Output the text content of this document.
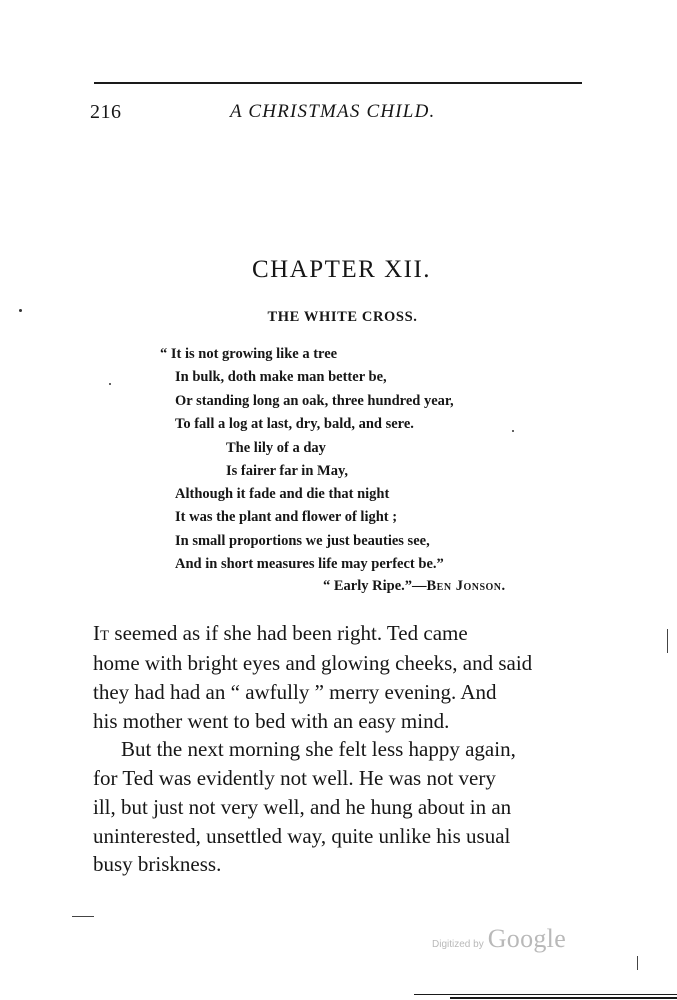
216	A CHRISTMAS CHILD.
CHAPTER XII.
THE WHITE CROSS.
“ It is not growing like a tree
In bulk, doth make man better be,
Or standing long an oak, three hundred year,
To fall a log at last, dry, bald, and sere.
The lily of a day
Is fairer far in May,
Although it fade and die that night
It was the plant and flower of light ;
In small proportions we just beauties see,
And in short measures life may perfect be.”
“ Early Ripe.”—Ben Jonson.
It seemed as if she had been right. Ted came
home with bright eyes and glowing cheeks, and said
they had had an “ awfully ” merry evening. And
his mother went to bed with an easy mind.
But the next morning she felt less happy again,
for Ted was evidently not well. He was not very
ill, but just not very well, and he hung about in an
uninterested, unsettled way, quite unlike his usual
busy briskness.
Digitized by Google
